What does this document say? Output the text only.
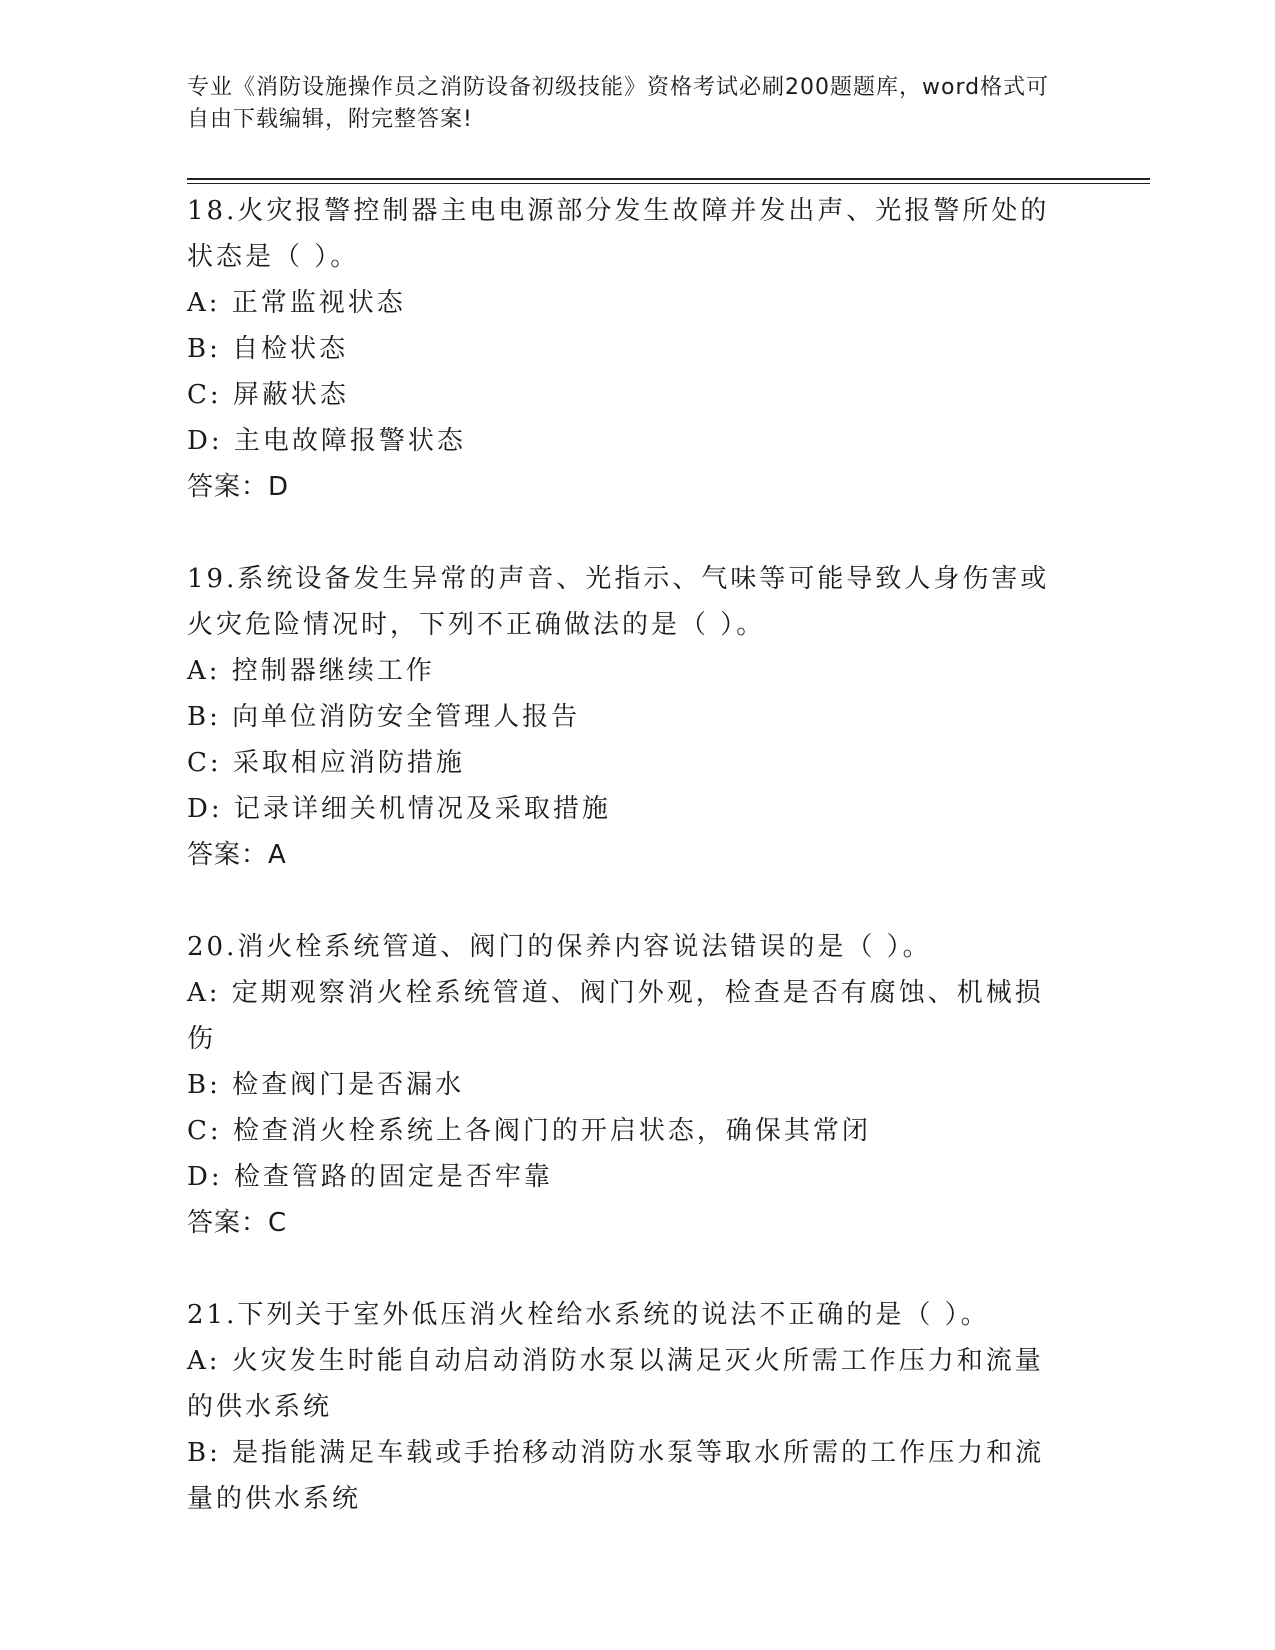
专业《消防设施操作员之消防设备初级技能》资格考试必刷200题题库，word格式可自由下载编辑，附完整答案!

18.火灾报警控制器主电电源部分发生故障并发出声、光报警所处的状态是（ ）。

A: 正常监视状态

B: 自检状态

C: 屏蔽状态

D: 主电故障报警状态

答案：D

19.系统设备发生异常的声音、光指示、气味等可能导致人身伤害或火灾危险情况时，下列不正确做法的是（ ）。

A: 控制器继续工作

B: 向单位消防安全管理人报告

C: 采取相应消防措施

D: 记录详细关机情况及采取措施

答案：A

20.消火栓系统管道、阀门的保养内容说法错误的是（ ）。

A: 定期观察消火栓系统管道、阀门外观，检查是否有腐蚀、机械损伤

B: 检查阀门是否漏水

C: 检查消火栓系统上各阀门的开启状态，确保其常闭

D: 检查管路的固定是否牢靠

答案：C

21.下列关于室外低压消火栓给水系统的说法不正确的是（ ）。

A: 火灾发生时能自动启动消防水泵以满足灭火所需工作压力和流量的供水系统

B: 是指能满足车载或手抬移动消防水泵等取水所需的工作压力和流量的供水系统
